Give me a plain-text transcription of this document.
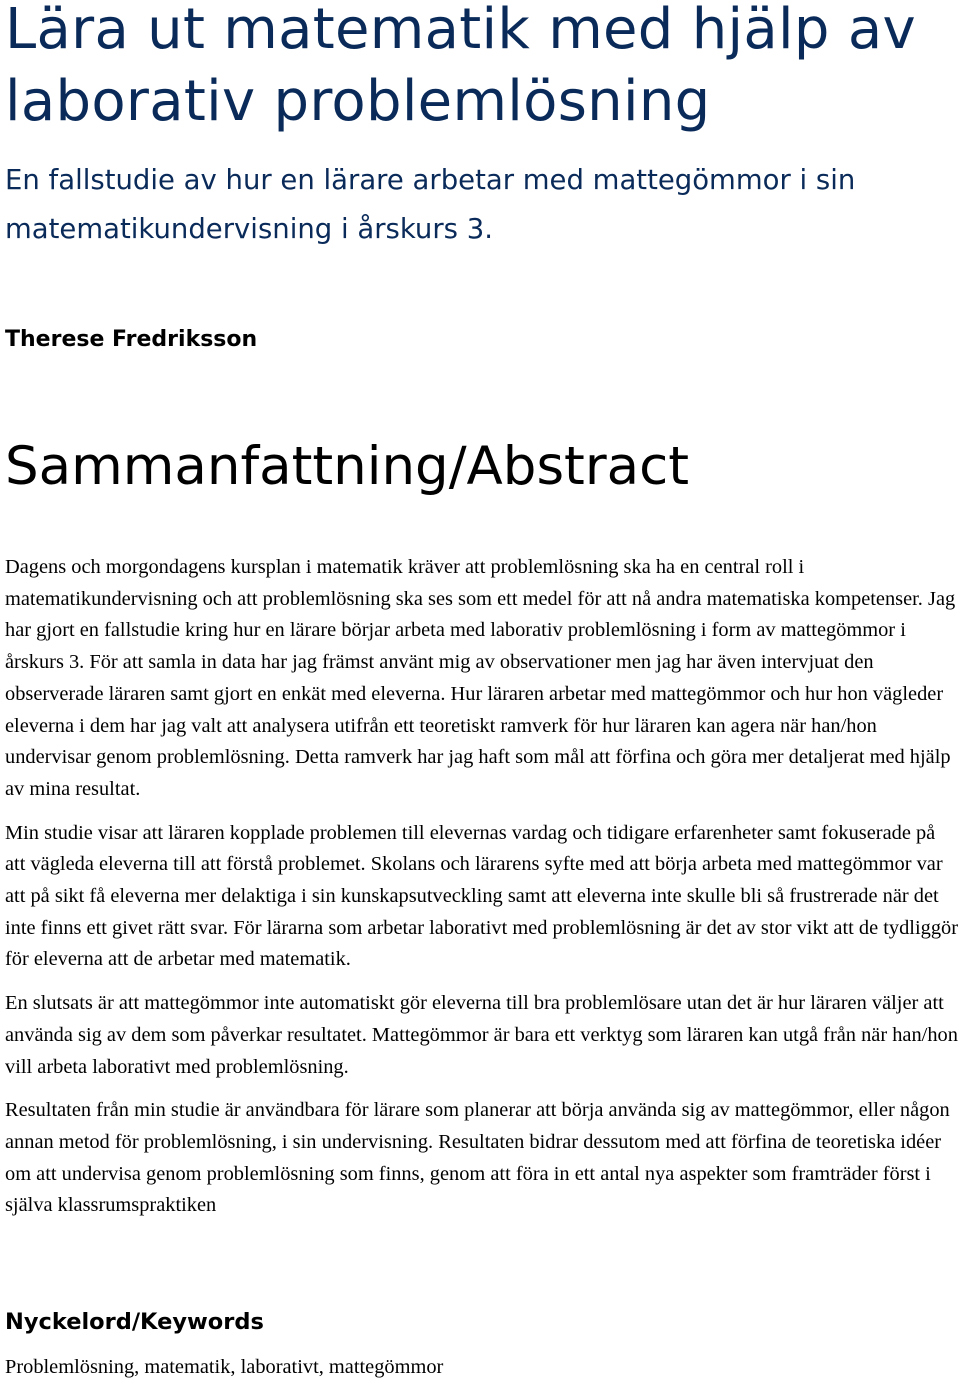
Lära ut matematik med hjälp av laborativ problemlösning
En fallstudie av hur en lärare arbetar med mattegömmor i sin matematikundervisning i årskurs 3.
Therese Fredriksson
Sammanfattning/Abstract

Dagens och morgondagens kursplan i matematik kräver att problemlösning ska ha en central roll i matematikundervisning och att problemlösning ska ses som ett medel för att nå andra matematiska kompetenser. Jag har gjort en fallstudie kring hur en lärare börjar arbeta med laborativ problemlösning i form av mattegömmor i årskurs 3. För att samla in data har jag främst använt mig av observationer men jag har även intervjuat den observerade läraren samt gjort en enkät med eleverna. Hur läraren arbetar med mattegömmor och hur hon vägleder eleverna i dem har jag valt att analysera utifrån ett teoretiskt ramverk för hur läraren kan agera när han/hon undervisar genom problemlösning. Detta ramverk har jag haft som mål att förfina och göra mer detaljerat med hjälp av mina resultat.

Min studie visar att läraren kopplade problemen till elevernas vardag och tidigare erfarenheter samt fokuserade på att vägleda eleverna till att förstå problemet. Skolans och lärarens syfte med att börja arbeta med mattegömmor var att på sikt få eleverna mer delaktiga i sin kunskapsutveckling samt att eleverna inte skulle bli så frustrerade när det inte finns ett givet rätt svar. För lärarna som arbetar laborativt med problemlösning är det av stor vikt att de tydliggör för eleverna att de arbetar med matematik.

En slutsats är att mattegömmor inte automatiskt gör eleverna till bra problemlösare utan det är hur läraren väljer att använda sig av dem som påverkar resultatet. Mattegömmor är bara ett verktyg som läraren kan utgå från när han/hon vill arbeta laborativt med problemlösning.

Resultaten från min studie är användbara för lärare som planerar att börja använda sig av mattegömmor, eller någon annan metod för problemlösning, i sin undervisning. Resultaten bidrar dessutom med att förfina de teoretiska idéer om att undervisa genom problemlösning som finns, genom att föra in ett antal nya aspekter som framträder först i själva klassrumspraktiken

Nyckelord/Keywords
Problemlösning, matematik, laborativt, mattegömmor
